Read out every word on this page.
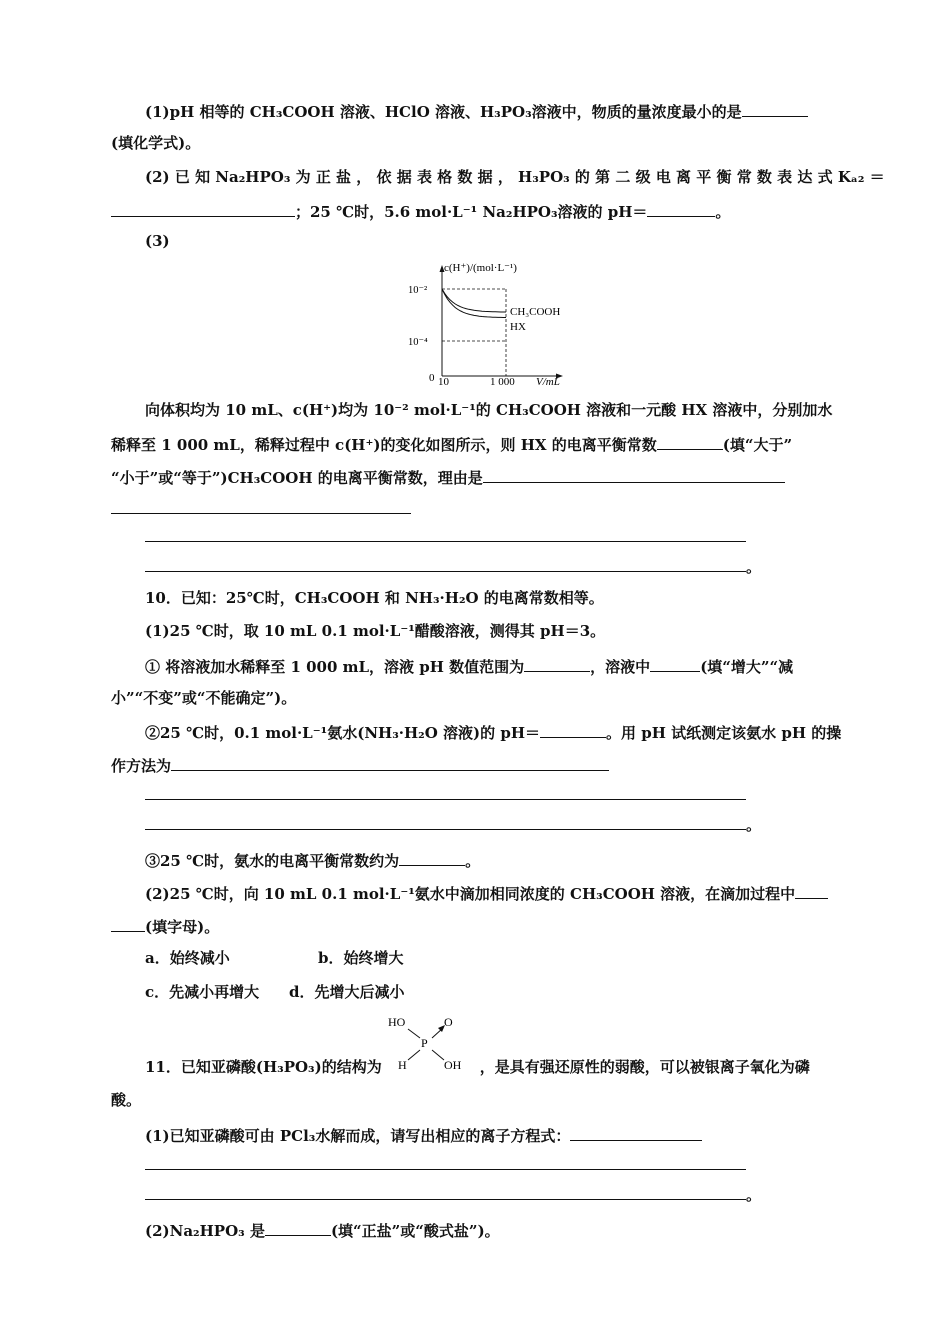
(1)pH 相等的 CH₃COOH 溶液、HClO 溶液、H₃PO₃溶液中，物质的量浓度最小的是
(填化学式)。
(2) 已 知 Na₂HPO₃ 为 正 盐 ， 依 据 表 格 数 据 ， H₃PO₃ 的 第 二 级 电 离 平 衡 常 数 表 达 式 Kₐ₂ ＝
；25 ℃时，5.6 mol·L⁻¹ Na₂HPO₃溶液的 pH＝	。
(3)
c(H⁺)/(mol·L⁻¹)
10⁻²
10⁻⁴
0 10	1 000 V/mL
CH₃COOH
HX
向体积均为 10 mL、c(H⁺)均为 10⁻² mol·L⁻¹的 CH₃COOH 溶液和一元酸 HX 溶液中，分别加水
稀释至 1 000 mL，稀释过程中 c(H⁺)的变化如图所示，则 HX 的电离平衡常数	(填“大于”
“小于”或“等于”)CH₃COOH 的电离平衡常数，理由是
。
10．已知：25℃时，CH₃COOH 和 NH₃·H₂O 的电离常数相等。
(1)25 ℃时，取 10 mL 0.1 mol·L⁻¹醋酸溶液，测得其 pH＝3。
① 将溶液加水稀释至 1 000 mL，溶液 pH 数值范围为	，溶液中	(填“增大”“减
小”“不变”或“不能确定”)。
②25 ℃时，0.1 mol·L⁻¹氨水(NH₃·H₂O 溶液)的 pH＝	。用 pH 试纸测定该氨水 pH 的操
作方法为
。
③25 ℃时，氨水的电离平衡常数约为	。
(2)25 ℃时，向 10 mL 0.1 mol·L⁻¹氨水中滴加相同浓度的 CH₃COOH 溶液，在滴加过程中
(填字母)。
a．始终减小	b．始终增大
c．先减小再增大 d．先增大后减小
HO	O
P
H	OH
11．已知亚磷酸(H₃PO₃)的结构为	，是具有强还原性的弱酸，可以被银离子氧化为磷
酸。
(1)已知亚磷酸可由 PCl₃水解而成，请写出相应的离子方程式：
。
(2)Na₂HPO₃ 是	(填“正盐”或“酸式盐”)。
